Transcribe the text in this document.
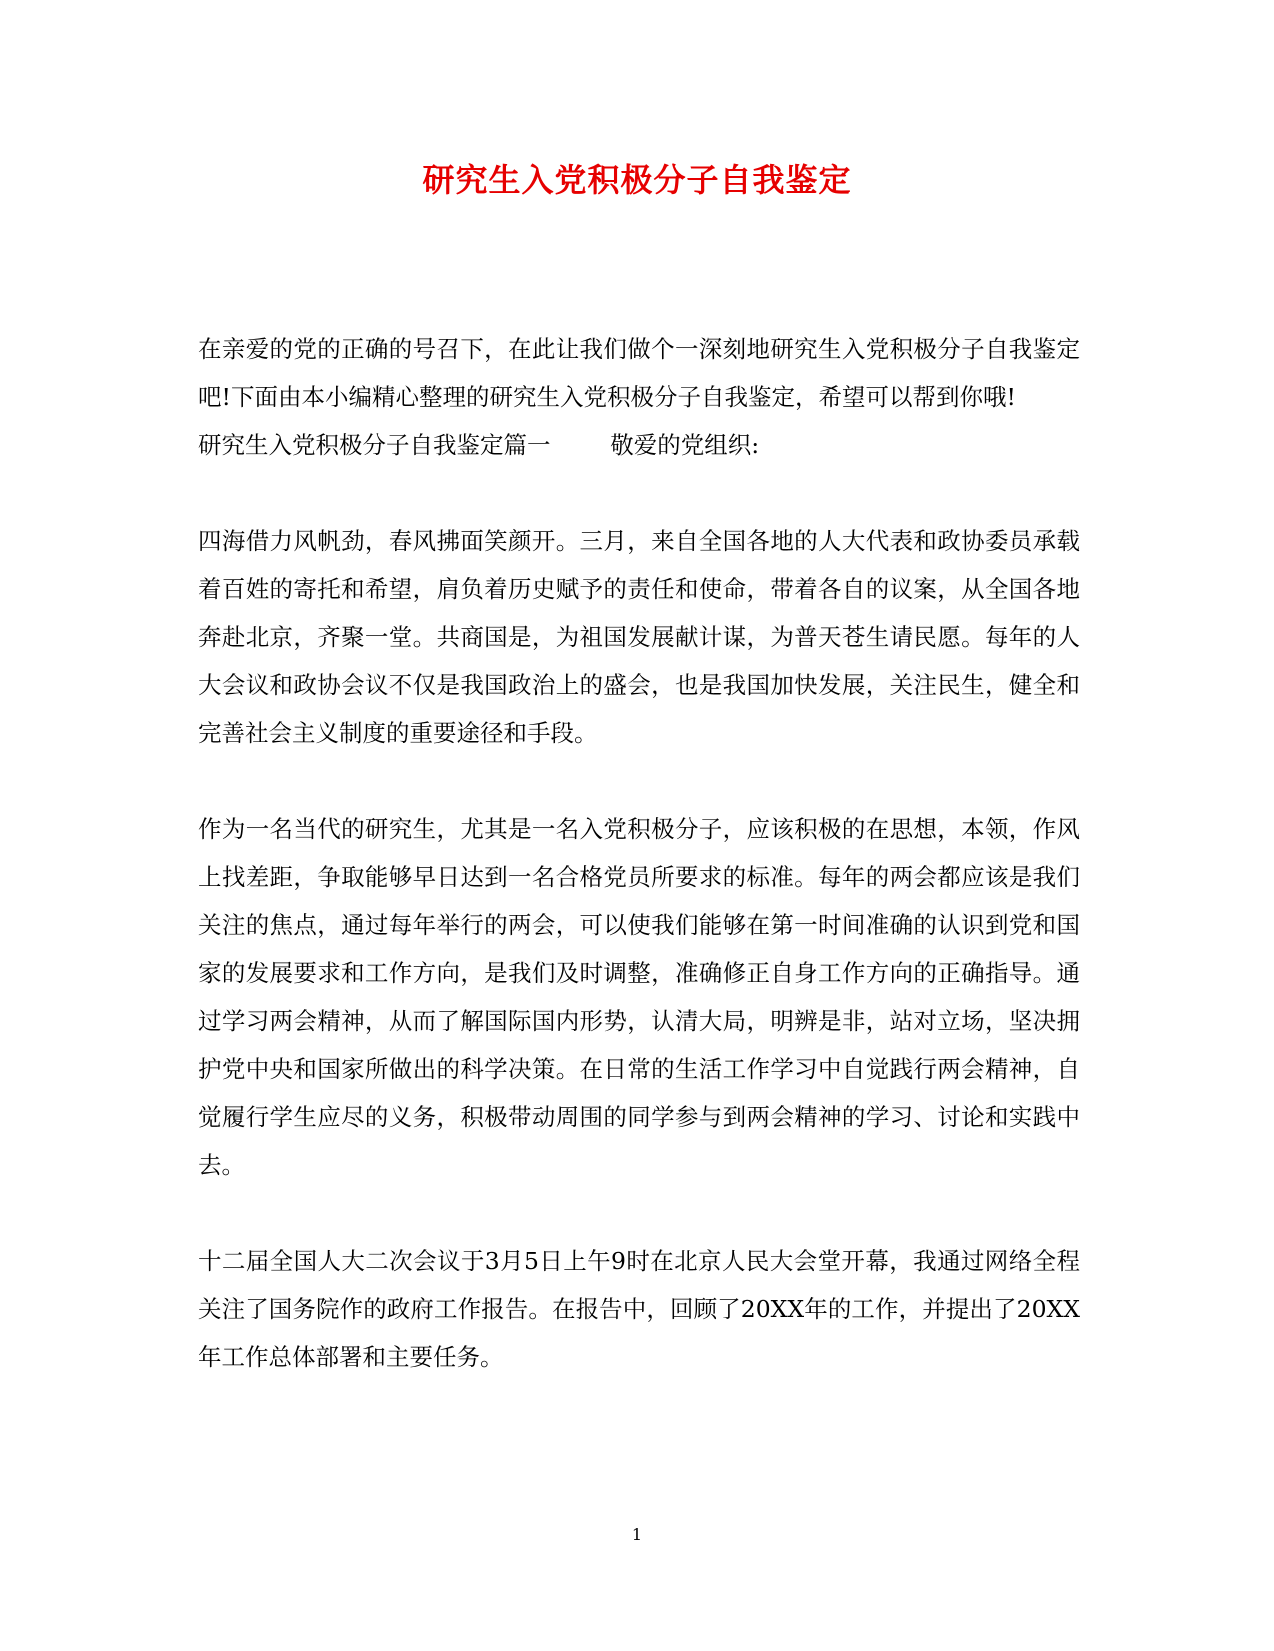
研究生入党积极分子自我鉴定

在亲爱的党的正确的号召下，在此让我们做个一深刻地研究生入党积极分子自我鉴定吧!下面由本小编精心整理的研究生入党积极分子自我鉴定，希望可以帮到你哦!

研究生入党积极分子自我鉴定篇一	敬爱的党组织:

四海借力风帆劲，春风拂面笑颜开。三月，来自全国各地的人大代表和政协委员承载着百姓的寄托和希望，肩负着历史赋予的责任和使命，带着各自的议案，从全国各地奔赴北京，齐聚一堂。共商国是，为祖国发展献计谋，为普天苍生请民愿。每年的人大会议和政协会议不仅是我国政治上的盛会，也是我国加快发展，关注民生，健全和完善社会主义制度的重要途径和手段。

作为一名当代的研究生，尤其是一名入党积极分子，应该积极的在思想，本领，作风上找差距，争取能够早日达到一名合格党员所要求的标准。每年的两会都应该是我们关注的焦点，通过每年举行的两会，可以使我们能够在第一时间准确的认识到党和国家的发展要求和工作方向，是我们及时调整，准确修正自身工作方向的正确指导。通过学习两会精神，从而了解国际国内形势，认清大局，明辨是非，站对立场，坚决拥护党中央和国家所做出的科学决策。在日常的生活工作学习中自觉践行两会精神，自觉履行学生应尽的义务，积极带动周围的同学参与到两会精神的学习、讨论和实践中去。

十二届全国人大二次会议于3月5日上午9时在北京人民大会堂开幕，我通过网络全程关注了国务院作的政府工作报告。在报告中，回顾了20XX年的工作，并提出了20XX年工作总体部署和主要任务。

1
